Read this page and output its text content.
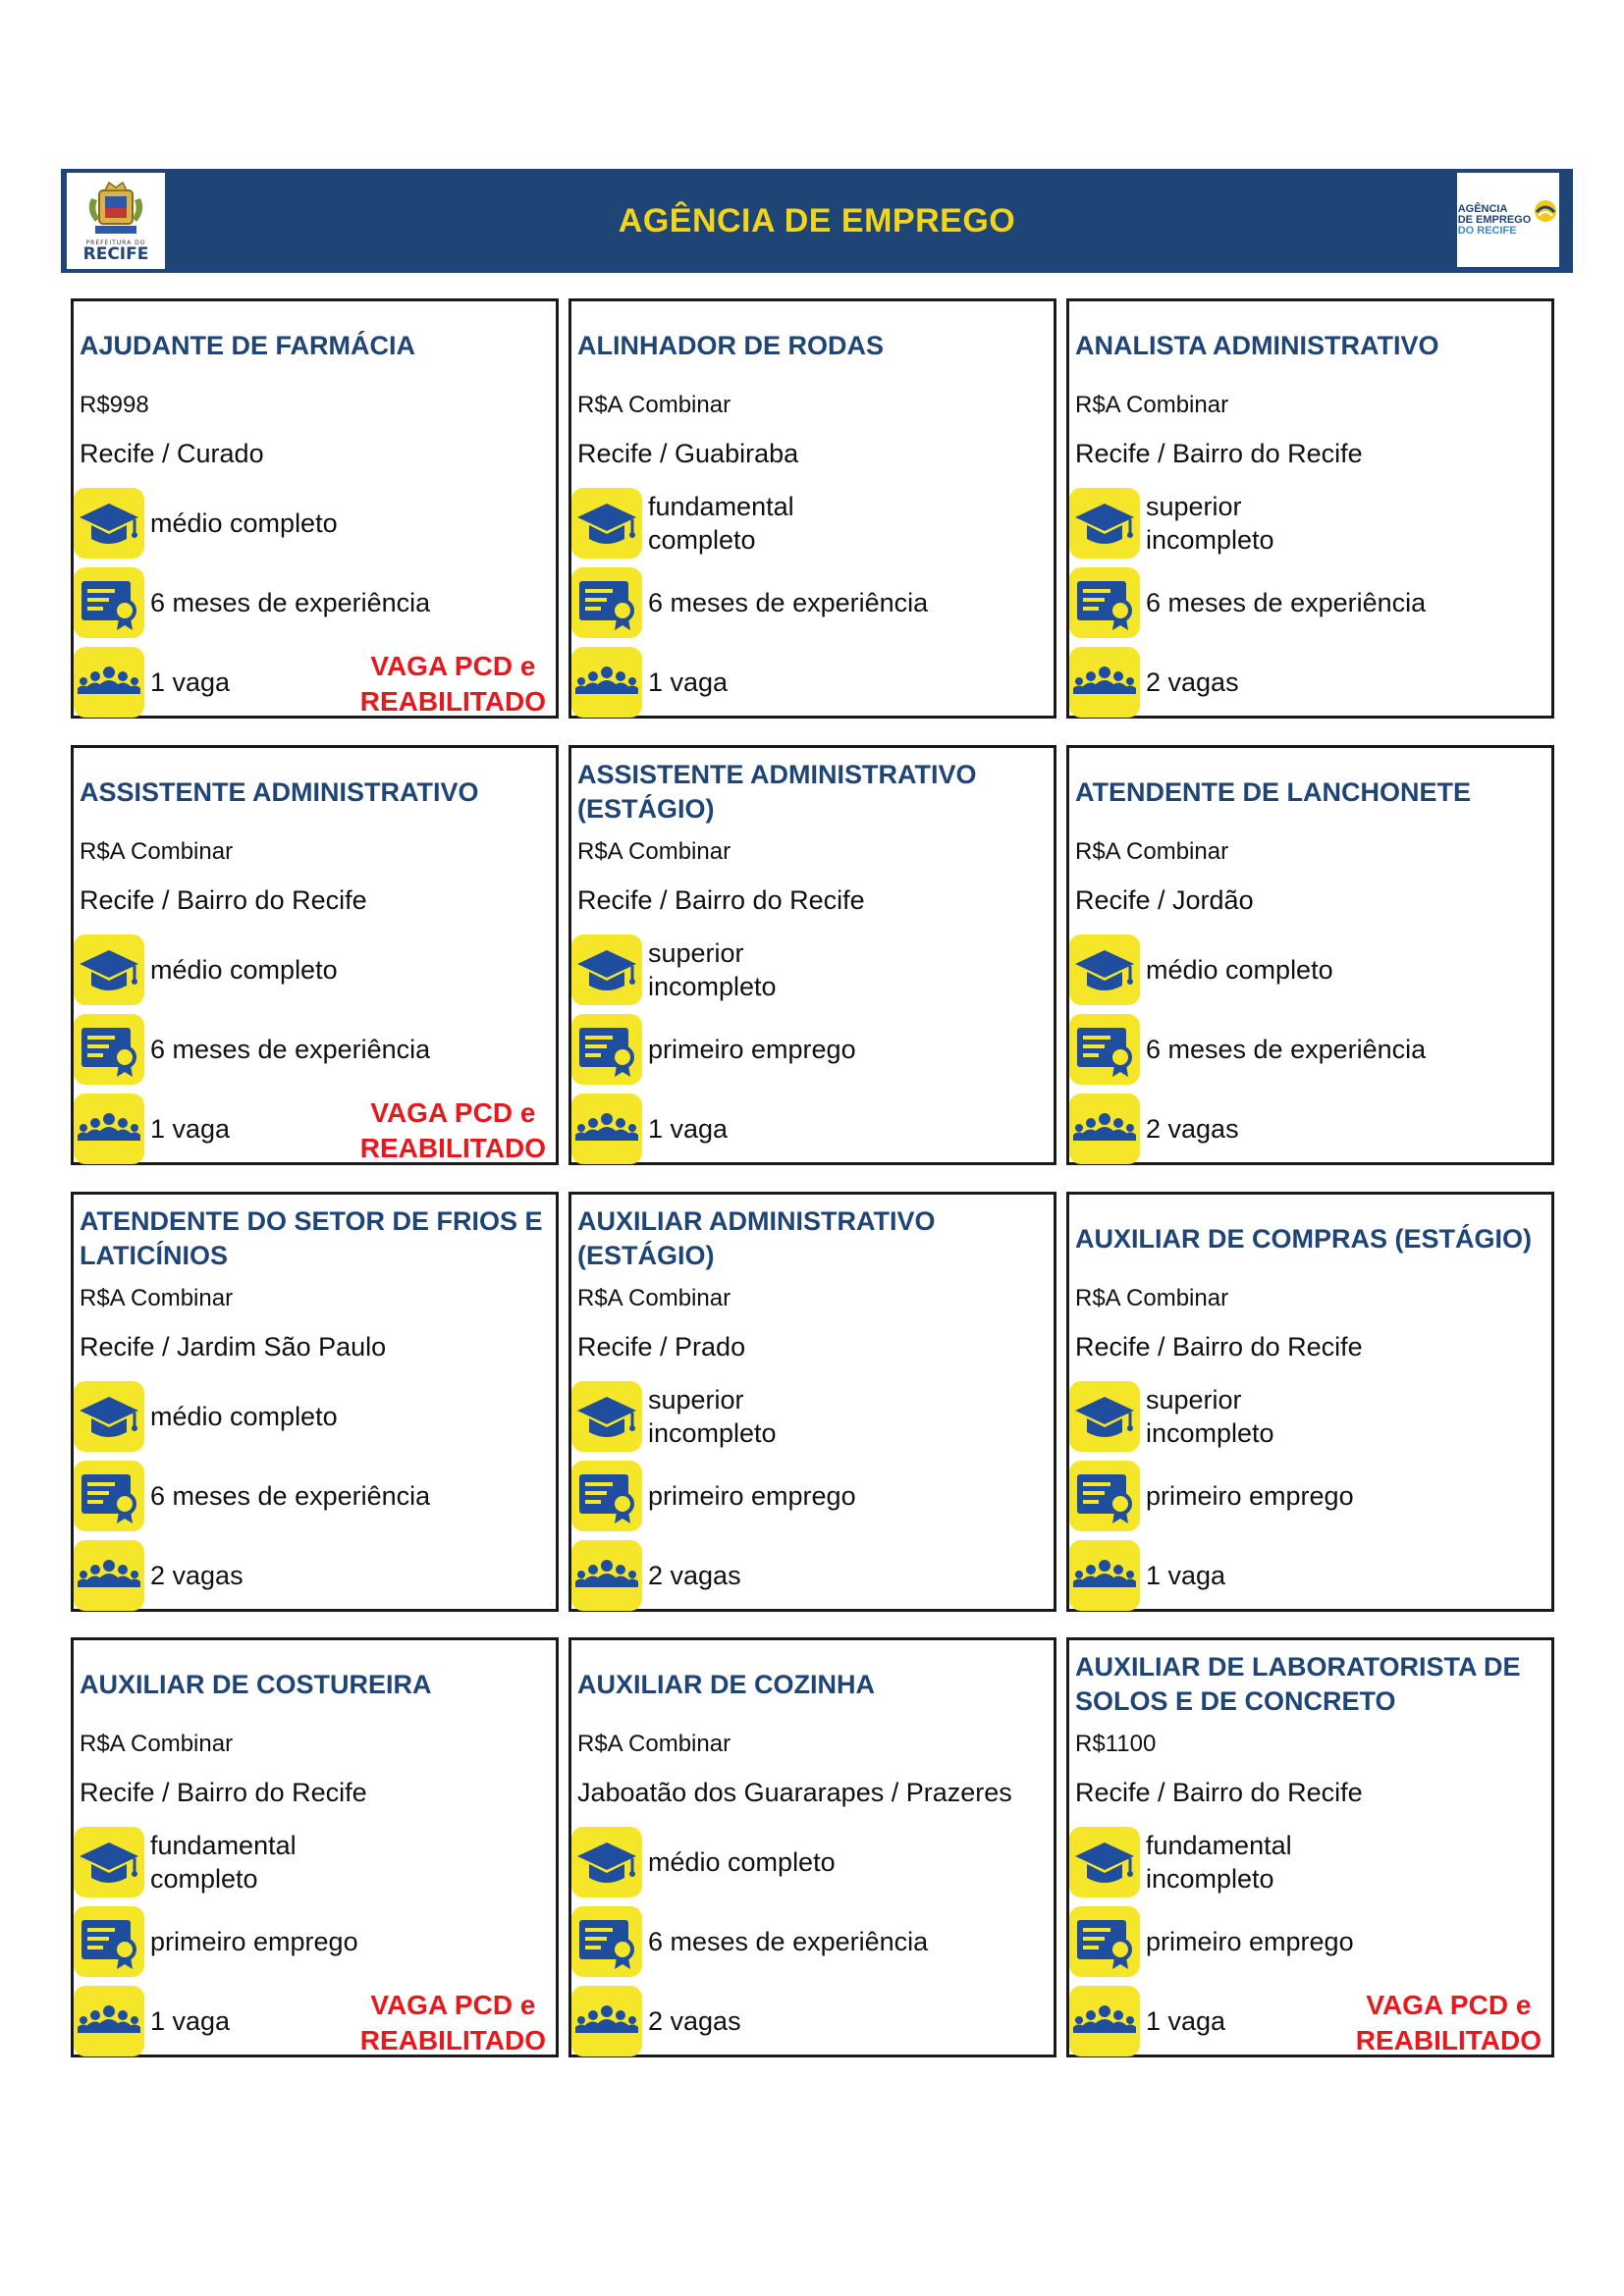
PREFEITURA DO
RECIFE
AGÊNCIA DE EMPREGO	AGÊNCIA
DE EMPREGO
DO RECIFE
AJUDANTE DE FARMÁCIA
R$998
Recife / Curado
médio completo
6 meses de experiência
1 vaga
VAGA PCD e
REABILITADO
ALINHADOR DE RODAS
R$A Combinar
Recife / Guabiraba
fundamental completo
6 meses de experiência
1 vaga
ANALISTA ADMINISTRATIVO
R$A Combinar
Recife / Bairro do Recife
superior incompleto
6 meses de experiência
2 vagas
ASSISTENTE ADMINISTRATIVO
R$A Combinar
Recife / Bairro do Recife
médio completo
6 meses de experiência
1 vaga
VAGA PCD e
REABILITADO
ASSISTENTE ADMINISTRATIVO (ESTÁGIO)
R$A Combinar
Recife / Bairro do Recife
superior incompleto
primeiro emprego
1 vaga
ATENDENTE DE LANCHONETE
R$A Combinar
Recife / Jordão
médio completo
6 meses de experiência
2 vagas
ATENDENTE DO SETOR DE FRIOS E LATICÍNIOS
R$A Combinar
Recife / Jardim São Paulo
médio completo
6 meses de experiência
2 vagas
AUXILIAR ADMINISTRATIVO (ESTÁGIO)
R$A Combinar
Recife / Prado
superior incompleto
primeiro emprego
2 vagas
AUXILIAR DE COMPRAS (ESTÁGIO)
R$A Combinar
Recife / Bairro do Recife
superior incompleto
primeiro emprego
1 vaga
AUXILIAR DE COSTUREIRA
R$A Combinar
Recife / Bairro do Recife
fundamental completo
primeiro emprego
1 vaga
VAGA PCD e
REABILITADO
AUXILIAR DE COZINHA
R$A Combinar
Jaboatão dos Guararapes / Prazeres
médio completo
6 meses de experiência
2 vagas
AUXILIAR DE LABORATORISTA DE SOLOS E DE CONCRETO
R$1100
Recife / Bairro do Recife
fundamental incompleto
primeiro emprego
1 vaga
VAGA PCD e
REABILITADO
